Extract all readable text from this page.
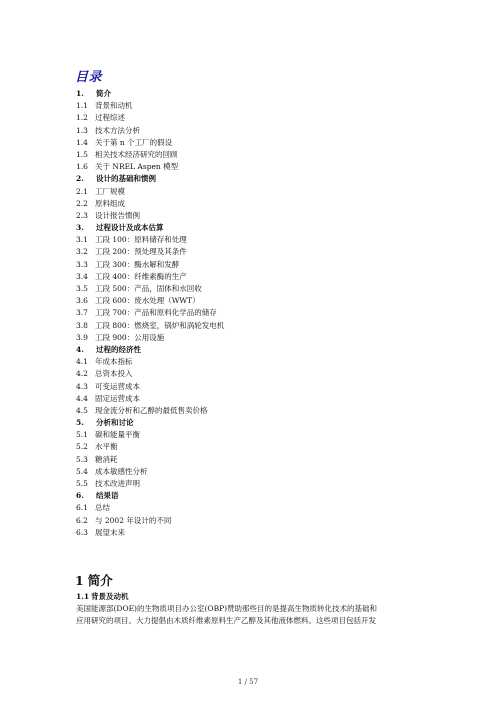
目录
1. 简介
1.1 背景和动机
1.2 过程综述
1.3 技术方法分析
1.4 关于第 n 个工厂的假设
1.5 相关技术经济研究的回顾
1.6 关于 NREL Aspen 模型
2. 设计的基础和惯例
2.1 工厂规模
2.2 原料组成
2.3 设计报告惯例
3. 过程设计及成本估算
3.1 工段 100：原料储存和处理
3.2 工段 200：预处理及其条件
3.3 工段 300：酶水解和发酵
3.4 工段 400：纤维素酶的生产
3.5 工段 500：产品，固体和水回收
3.6 工段 600：废水处理（WWT）
3.7 工段 700：产品和原料化学品的储存
3.8 工段 800：燃烧室，锅炉和涡轮发电机
3.9 工段 900：公用设施
4. 过程的经济性
4.1 年成本指标
4.2 总资本投入
4.3 可变运营成本
4.4 固定运营成本
4.5 现金流分析和乙醇的最低售卖价格
5. 分析和讨论
5.1 碳和能量平衡
5.2 水平衡
5.3 糖消耗
5.4 成本敏感性分析
5.5 技术改进声明
6. 结果语
6.1 总结
6.2 与 2002 年设计的不同
6.3 展望未来
1 简介
1.1 背景及动机

美国能源部(DOE)的生物质项目办公室(OBP)赞助那些目的是提高生物质转化技术的基础和

应用研究的项目。大力提倡由木质纤维素原料生产乙醇及其他液体燃料。这些项目包括开发

1 / 57
